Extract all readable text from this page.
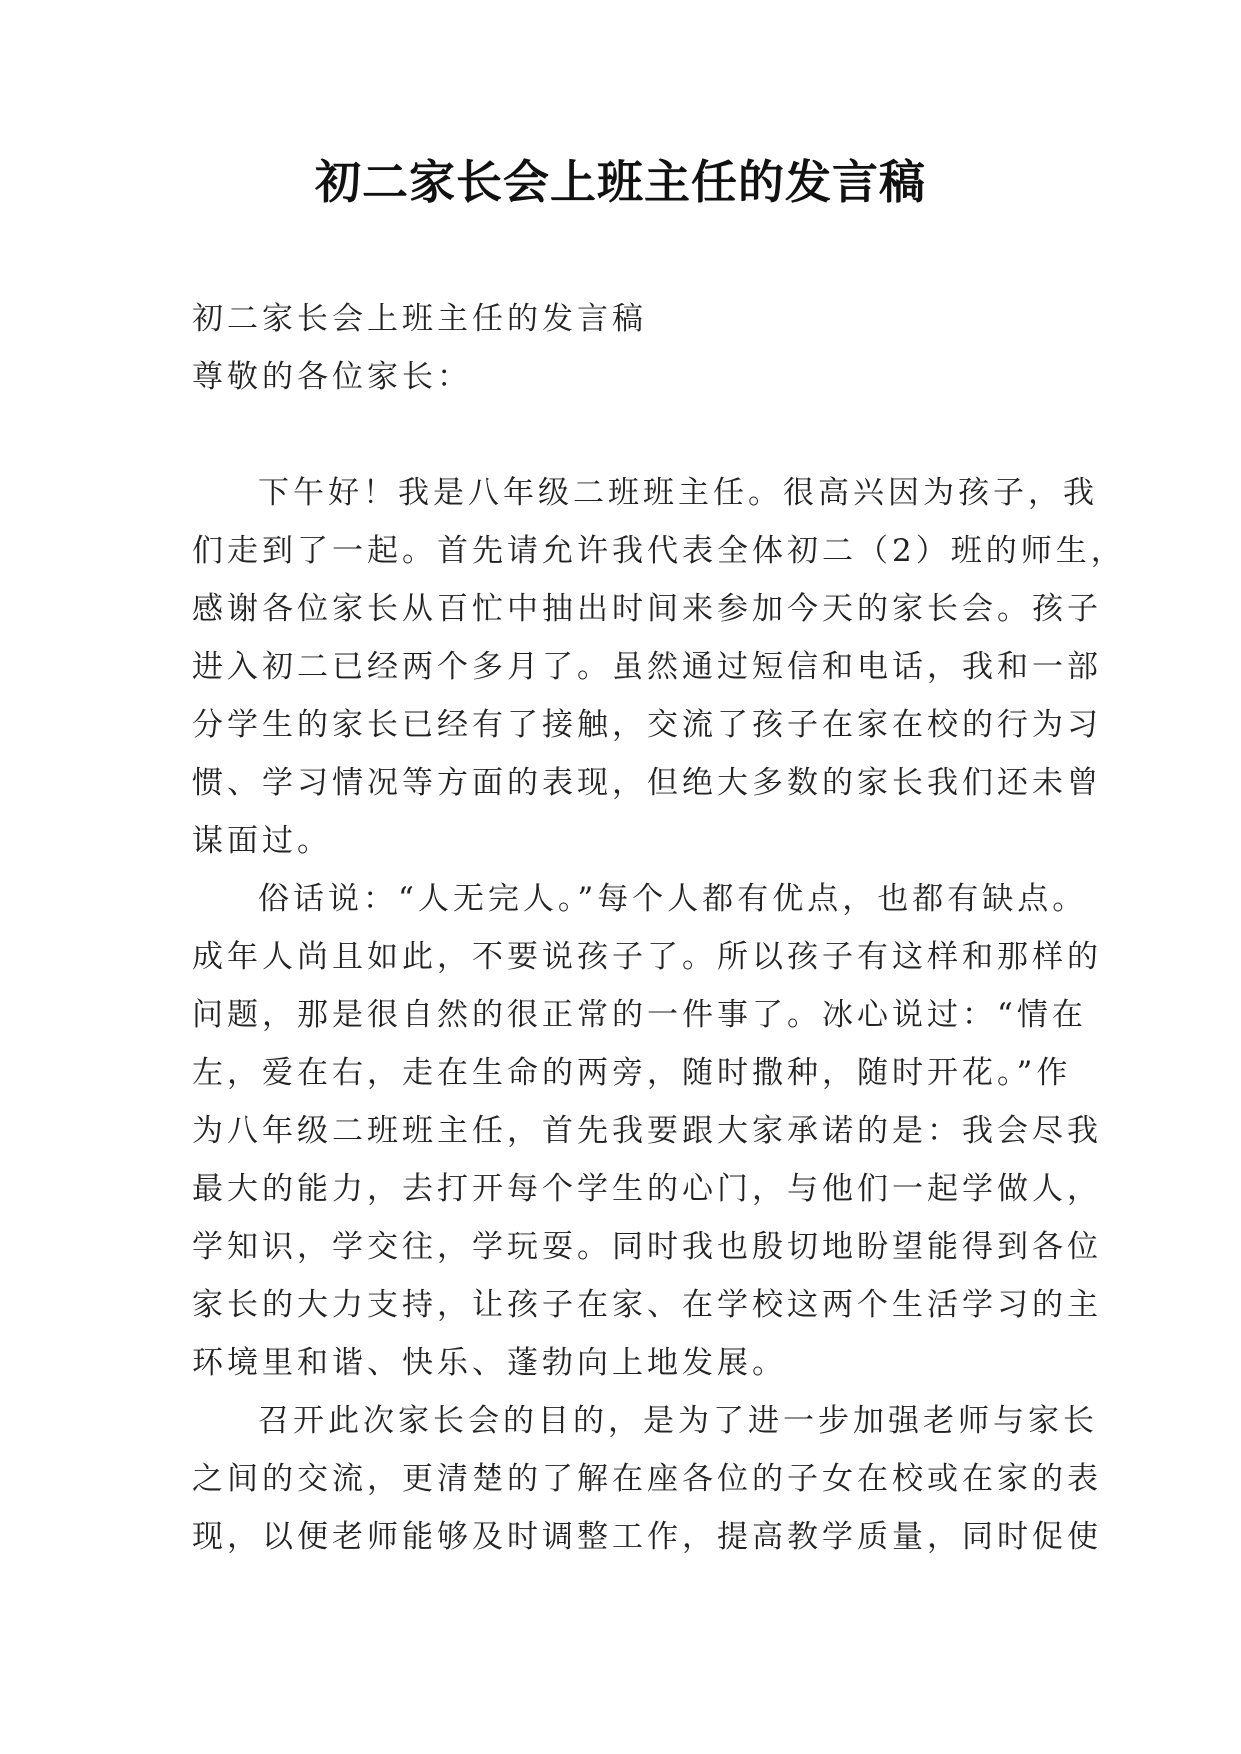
初二家长会上班主任的发言稿
初二家长会上班主任的发言稿
尊敬的各位家长：
下午好！我是八年级二班班主任。很高兴因为孩子，我
们走到了一起。首先请允许我代表全体初二（2）班的师生，
感谢各位家长从百忙中抽出时间来参加今天的家长会。孩子
进入初二已经两个多月了。虽然通过短信和电话，我和一部
分学生的家长已经有了接触，交流了孩子在家在校的行为习
惯、学习情况等方面的表现，但绝大多数的家长我们还未曾
谋面过。
俗话说：“人无完人。”每个人都有优点，也都有缺点。
成年人尚且如此，不要说孩子了。所以孩子有这样和那样的
问题，那是很自然的很正常的一件事了。冰心说过：“情在
左，爱在右，走在生命的两旁，随时撒种，随时开花。”作
为八年级二班班主任，首先我要跟大家承诺的是：我会尽我
最大的能力，去打开每个学生的心门，与他们一起学做人，
学知识，学交往，学玩耍。同时我也殷切地盼望能得到各位
家长的大力支持，让孩子在家、在学校这两个生活学习的主
环境里和谐、快乐、蓬勃向上地发展。
召开此次家长会的目的，是为了进一步加强老师与家长
之间的交流，更清楚的了解在座各位的子女在校或在家的表
现，以便老师能够及时调整工作，提高教学质量，同时促使
